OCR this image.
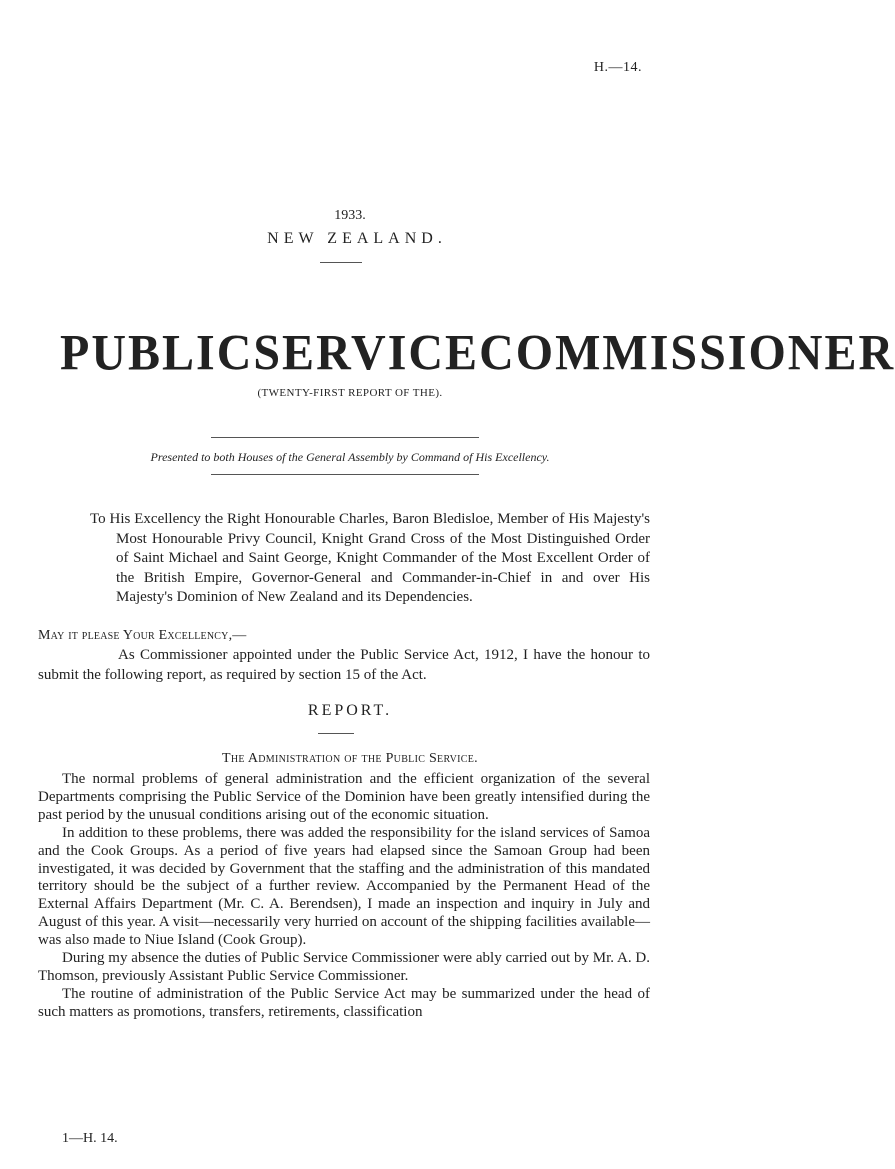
H.—14.
1933.
NEW ZEALAND.
PUBLIC SERVICE COMMISSIONER
(TWENTY-FIRST REPORT OF THE).
Presented to both Houses of the General Assembly by Command of His Excellency.
To His Excellency the Right Honourable Charles, Baron Bledisloe, Member of His Majesty's Most Honourable Privy Council, Knight Grand Cross of the Most Distinguished Order of Saint Michael and Saint George, Knight Commander of the Most Excellent Order of the British Empire, Governor-General and Commander-in-Chief in and over His Majesty's Dominion of New Zealand and its Dependencies.
May it please Your Excellency,—
As Commissioner appointed under the Public Service Act, 1912, I have the honour to submit the following report, as required by section 15 of the Act.
REPORT.
The Administration of the Public Service.

The normal problems of general administration and the efficient organization of the several Departments comprising the Public Service of the Dominion have been greatly intensified during the past period by the unusual conditions arising out of the economic situation.

In addition to these problems, there was added the responsibility for the island services of Samoa and the Cook Groups. As a period of five years had elapsed since the Samoan Group had been investigated, it was decided by Government that the staffing and the administration of this mandated territory should be the subject of a further review. Accompanied by the Permanent Head of the External Affairs Department (Mr. C. A. Berendsen), I made an inspection and inquiry in July and August of this year. A visit—necessarily very hurried on account of the shipping facilities available—was also made to Niue Island (Cook Group).

During my absence the duties of Public Service Commissioner were ably carried out by Mr. A. D. Thomson, previously Assistant Public Service Commissioner.

The routine of administration of the Public Service Act may be summarized under the head of such matters as promotions, transfers, retirements, classification

1—H. 14.
